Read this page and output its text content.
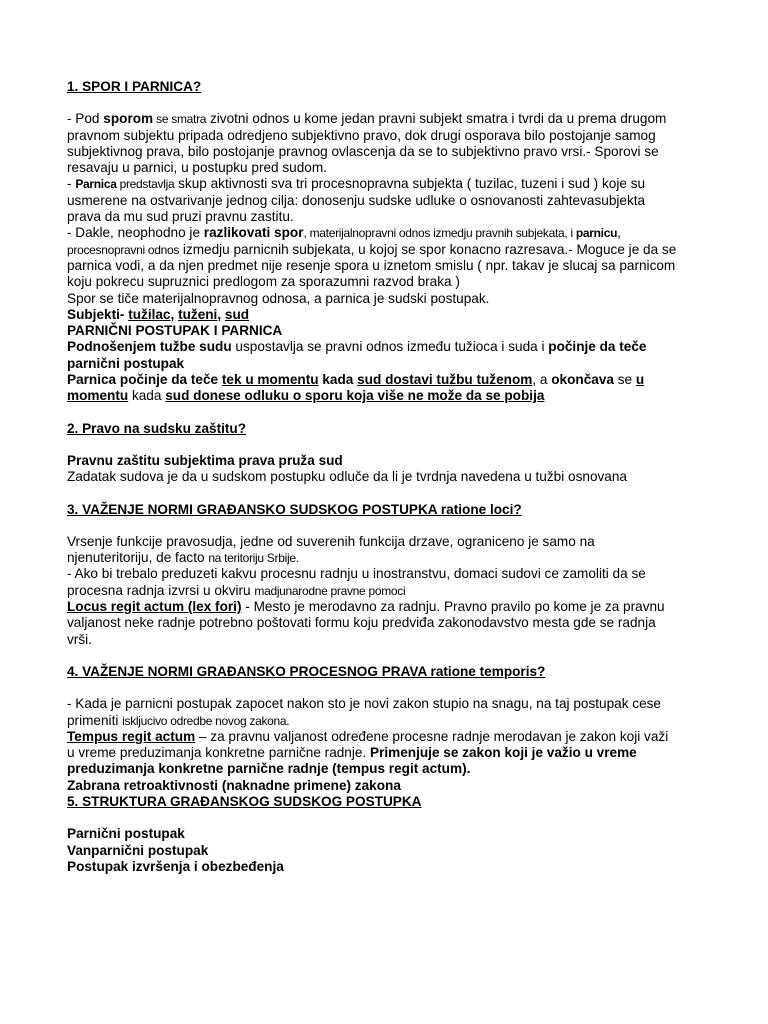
1. SPOR I PARNICA?

- Pod sporom se smatra zivotni odnos u kome jedan pravni subjekt smatra i tvrdi da u prema drugom pravnom subjektu pripada odredjeno subjektivno pravo, dok drugi osporava bilo postojanje samog subjektivnog prava, bilo postojanje pravnog ovlascenja da se to subjektivno pravo vrsi.- Sporovi se resavaju u parnici, u postupku pred sudom.

- Parnica predstavlja skup aktivnosti sva tri procesnopravna subjekta ( tuzilac, tuzeni i sud ) koje su usmerene na ostvarivanje jednog cilja: donosenju sudske udluke o osnovanosti zahtevasubjekta prava da mu sud pruzi pravnu zastitu.

- Dakle, neophodno je razlikovati spor, materijalnopravni odnos izmedju pravnih subjekata, i parnicu,
procesnopravni odnos izmedju parnicnih subjekata, u kojoj se spor konacno razresava.- Moguce je da se parnica vodi, a da njen predmet nije resenje spora u iznetom smislu ( npr. takav je slucaj sa parnicom koju pokrecu supruznici predlogom za sporazumni razvod braka )

Spor se tiče materijalnopravnog odnosa, a parnica je sudski postupak.

Subjekti- tužilac, tuženi, sud

PARNIČNI POSTUPAK I PARNICA

Podnošenjem tužbe sudu uspostavlja se pravni odnos između tužioca i suda i počinje da teče parnični postupak

Parnica počinje da teče tek u momentu kada sud dostavi tužbu tuženom, a okončava se u momentu kada sud donese odluku o sporu koja više ne može da se pobija

2. Pravo na sudsku zaštitu?

Pravnu zaštitu subjektima prava pruža sud

Zadatak sudova je da u sudskom postupku odluče da li je tvrdnja navedena u tužbi osnovana

3. VAŽENJE NORMI GRAĐANSKO SUDSKOG POSTUPKA ratione loci?

Vrsenje funkcije pravosudja, jedne od suverenih funkcija drzave, ograniceno je samo na njenuteritoriju, de facto na teritoriju Srbije.

- Ako bi trebalo preduzeti kakvu procesnu radnju u inostranstvu, domaci sudovi ce zamoliti da se procesna radnja izvrsi u okviru madjunarodne pravne pomoci

Locus regit actum (lex fori) - Mesto je merodavno za radnju. Pravno pravilo po kome je za pravnu valjanost neke radnje potrebno poštovati formu koju predviđa zakonodavstvo mesta gde se radnja vrši.

4. VAŽENJE NORMI GRAĐANSKO PROCESNOG PRAVA ratione temporis?

- Kada je parnicni postupak zapocet nakon sto je novi zakon stupio na snagu, na taj postupak cese primeniti isklјucivo odredbe novog zakona.

Tempus regit actum – za pravnu valjanost određene procesne radnje merodavan je zakon koji važi u vreme preduzimanja konkretne parnične radnje. Primenjuje se zakon koji je važio u vreme preduzimanja konkretne parnične radnje (tempus regit actum).

Zabrana retroaktivnosti (naknadne primene) zakona

5. STRUKTURA GRAĐANSKOG SUDSKOG POSTUPKA

Parnični postupak

Vanparnični postupak

Postupak izvršenja i obezbeđenja
